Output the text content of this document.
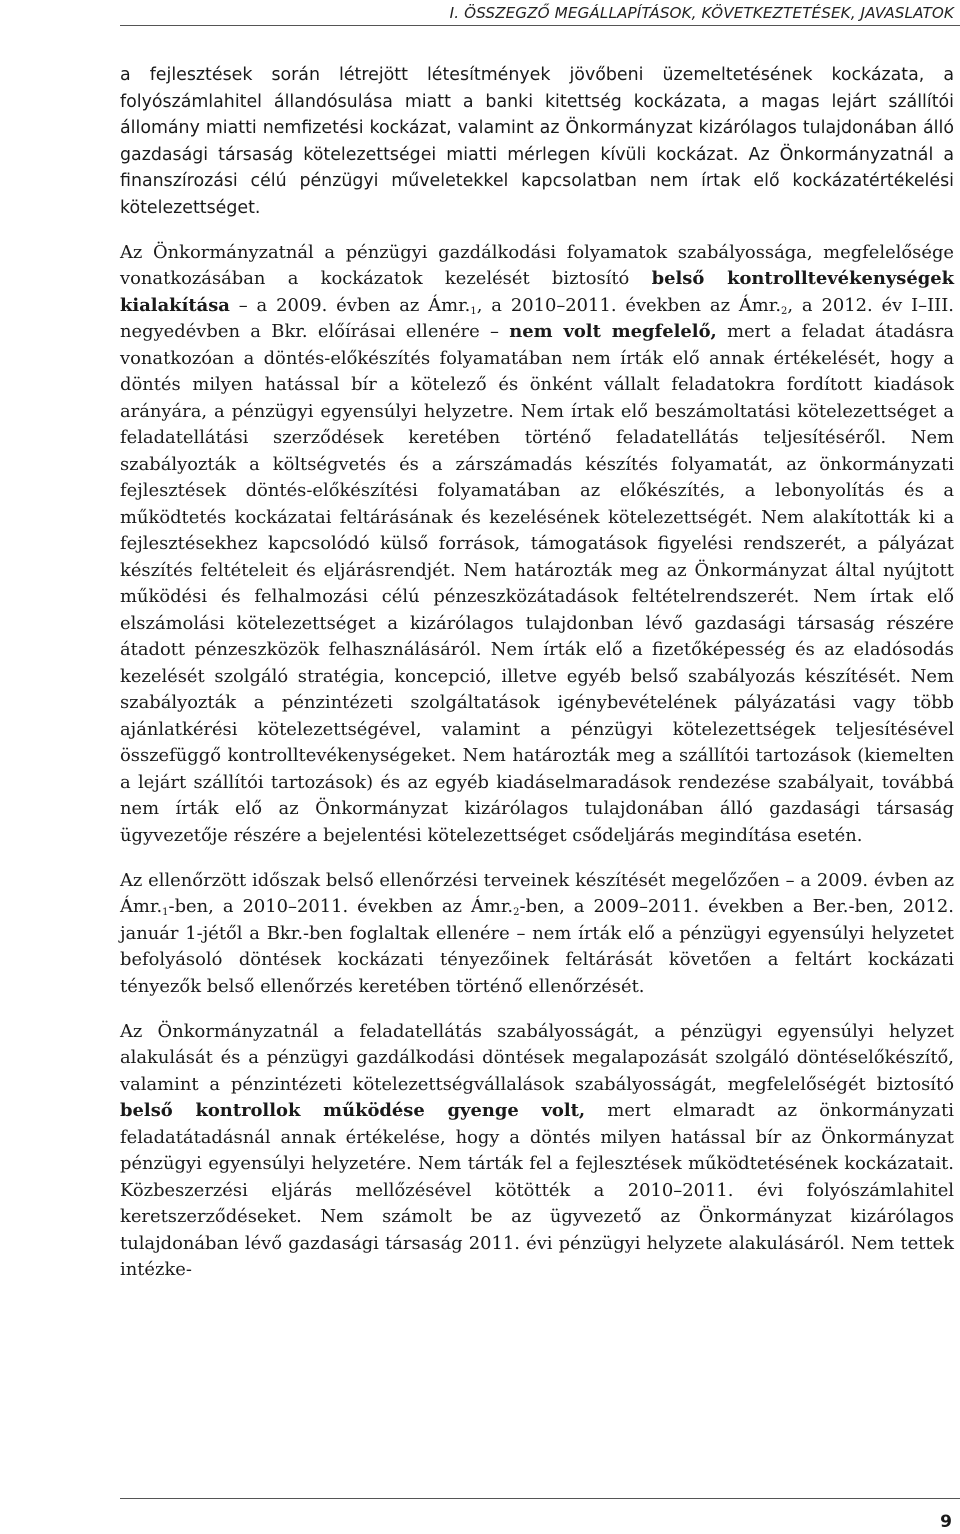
I. ÖSSZEGZŐ MEGÁLLAPÍTÁSOK, KÖVETKEZTETÉSEK, JAVASLATOK

a fejlesztések során létrejött létesítmények jövőbeni üzemeltetésének kockázata, a folyószámlahitel állandósulása miatt a banki kitettség kockázata, a magas lejárt szállítói állomány miatti nemfizetési kockázat, valamint az Önkormányzat kizárólagos tulajdonában álló gazdasági társaság kötelezettségei miatti mérlegen kívüli kockázat. Az Önkormányzatnál a finanszírozási célú pénzügyi műveletekkel kapcsolatban nem írtak elő kockázatértékelési kötelezettséget.

Az Önkormányzatnál a pénzügyi gazdálkodási folyamatok szabályossága, megfelelősége vonatkozásában a kockázatok kezelését biztosító belső kontrolltevékenységek kialakítása – a 2009. évben az $Ámr._1$, a 2010–2011. években az $Ámr._2$, a 2012. év I–III. negyedévben a Bkr. előírásai ellenére – nem volt megfelelő, mert a feladat átadásra vonatkozóan a döntés-előkészítés folyamatában nem írták elő annak értékelését, hogy a döntés milyen hatással bír a kötelező és önként vállalt feladatokra fordított kiadások arányára, a pénzügyi egyensúlyi helyzetre. Nem írtak elő beszámoltatási kötelezettséget a feladatellátási szerződések keretében történő feladatellátás teljesítéséről. Nem szabályozták a költségvetés és a zárszámadás készítés folyamatát, az önkormányzati fejlesztések döntés-előkészítési folyamatában az előkészítés, a lebonyolítás és a működtetés kockázatai feltárásának és kezelésének kötelezettségét. Nem alakították ki a fejlesztésekhez kapcsolódó külső források, támogatások figyelési rendszerét, a pályázat készítés feltételeit és eljárásrendjét. Nem határozták meg az Önkormányzat által nyújtott működési és felhalmozási célú pénzeszközátadások feltételrendszerét. Nem írtak elő elszámolási kötelezettséget a kizárólagos tulajdonban lévő gazdasági társaság részére átadott pénzeszközök felhasználásáról. Nem írták elő a fizetőképesség és az eladósodás kezelését szolgáló stratégia, koncepció, illetve egyéb belső szabályozás készítését. Nem szabályozták a pénzintézeti szolgáltatások igénybevételének pályázatási vagy több ajánlatkérési kötelezettségével, valamint a pénzügyi kötelezettségek teljesítésével összefüggő kontrolltevékenységeket. Nem határozták meg a szállítói tartozások (kiemelten a lejárt szállítói tartozások) és az egyéb kiadáselmaradások rendezése szabályait, továbbá nem írták elő az Önkormányzat kizárólagos tulajdonában álló gazdasági társaság ügyvezetője részére a bejelentési kötelezettséget csődeljárás megindítása esetén.

Az ellenőrzött időszak belső ellenőrzési terveinek készítését megelőzően – a 2009. évben az $Ámr._1$-ben, a 2010–2011. években az $Ámr._2$-ben, a 2009–2011. években a Ber.-ben, 2012. január 1-jétől a Bkr.-ben foglaltak ellenére – nem írták elő a pénzügyi egyensúlyi helyzetet befolyásoló döntések kockázati tényezőinek feltárását követően a feltárt kockázati tényezők belső ellenőrzés keretében történő ellenőrzését.

Az Önkormányzatnál a feladatellátás szabályosságát, a pénzügyi egyensúlyi helyzet alakulását és a pénzügyi gazdálkodási döntések megalapozását szolgáló döntéselőkészítő, valamint a pénzintézeti kötelezettségvállalások szabályosságát, megfelelőségét biztosító belső kontrollok működése gyenge volt, mert elmaradt az önkormányzati feladatátadásnál annak értékelése, hogy a döntés milyen hatással bír az Önkormányzat pénzügyi egyensúlyi helyzetére. Nem tárták fel a fejlesztések működtetésének kockázatait. Közbeszerzési eljárás mellőzésével kötötték a 2010–2011. évi folyószámlahitel keretszerződéseket. Nem számolt be az ügyvezető az Önkormányzat kizárólagos tulajdonában lévő gazdasági társaság 2011. évi pénzügyi helyzete alakulásáról. Nem tettek intézke-

9
